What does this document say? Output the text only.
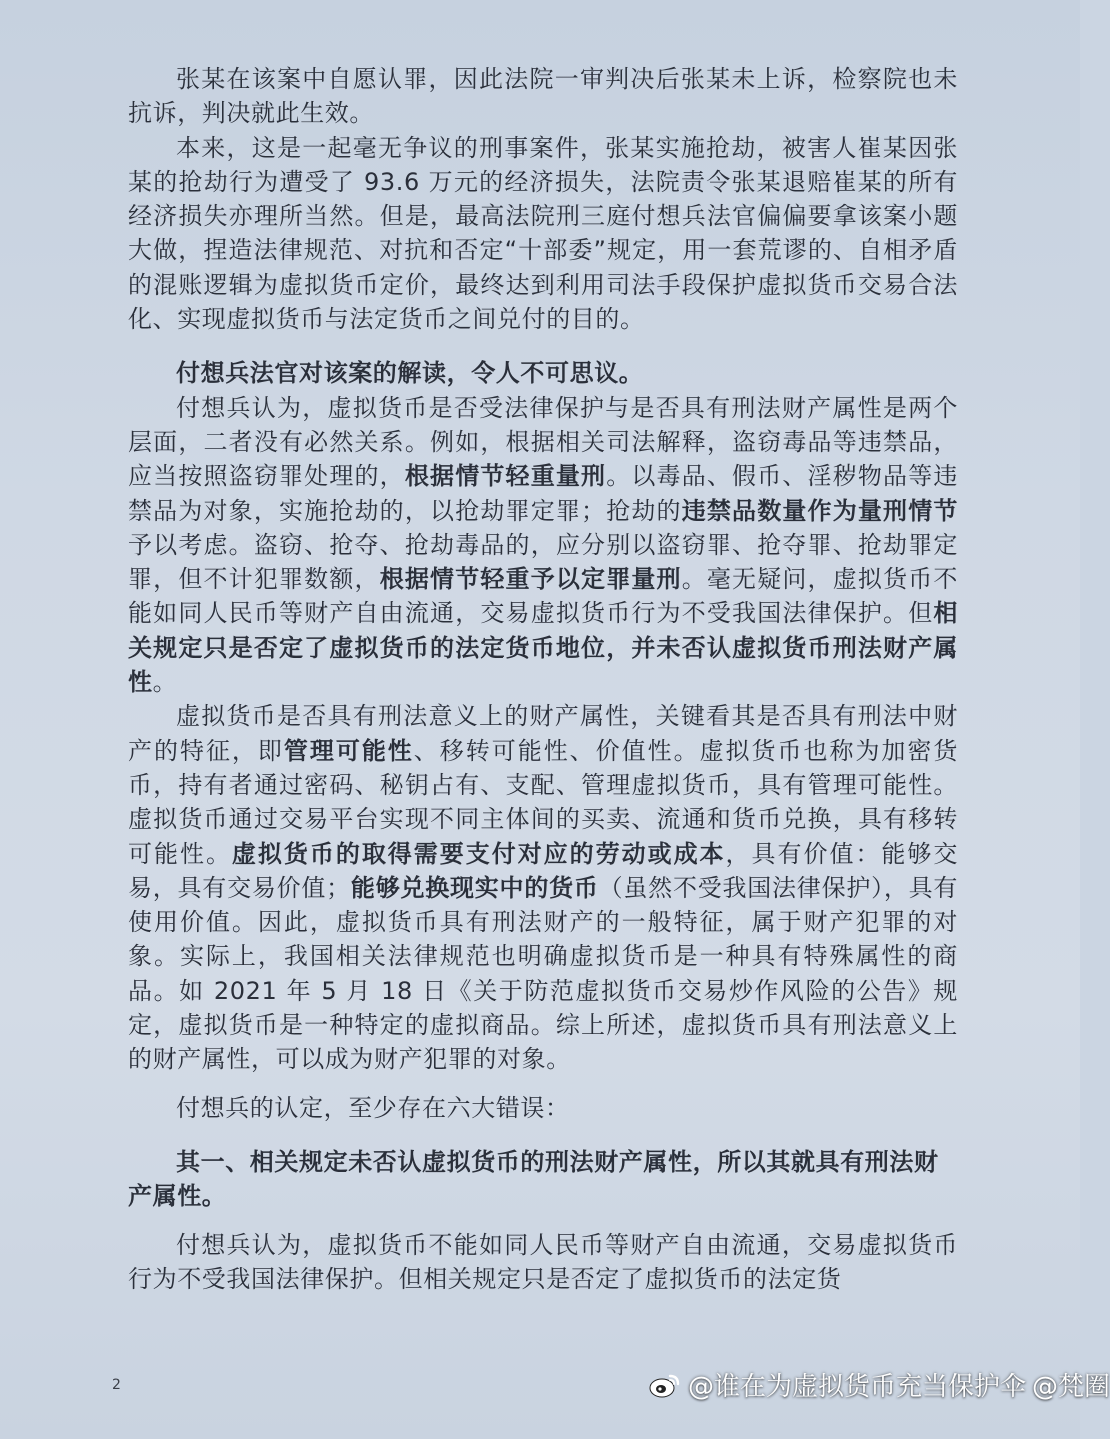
张某在该案中自愿认罪，因此法院一审判决后张某未上诉，检察院也未抗诉，判决就此生效。

本来，这是一起毫无争议的刑事案件，张某实施抢劫，被害人崔某因张某的抢劫行为遭受了 93.6 万元的经济损失，法院责令张某退赔崔某的所有经济损失亦理所当然。但是，最高法院刑三庭付想兵法官偏偏要拿该案小题大做，捏造法律规范、对抗和否定“十部委”规定，用一套荒谬的、自相矛盾的混账逻辑为虚拟货币定价，最终达到利用司法手段保护虚拟货币交易合法化、实现虚拟货币与法定货币之间兑付的目的。

付想兵法官对该案的解读，令人不可思议。

付想兵认为，虚拟货币是否受法律保护与是否具有刑法财产属性是两个层面，二者没有必然关系。例如，根据相关司法解释，盗窃毒品等违禁品，应当按照盗窃罪处理的，根据情节轻重量刑。以毒品、假币、淫秽物品等违禁品为对象，实施抢劫的，以抢劫罪定罪；抢劫的违禁品数量作为量刑情节予以考虑。盗窃、抢夺、抢劫毒品的，应分别以盗窃罪、抢夺罪、抢劫罪定罪，但不计犯罪数额，根据情节轻重予以定罪量刑。毫无疑问，虚拟货币不能如同人民币等财产自由流通，交易虚拟货币行为不受我国法律保护。但相关规定只是否定了虚拟货币的法定货币地位，并未否认虚拟货币刑法财产属性。

虚拟货币是否具有刑法意义上的财产属性，关键看其是否具有刑法中财产的特征，即管理可能性、移转可能性、价值性。虚拟货币也称为加密货币，持有者通过密码、秘钥占有、支配、管理虚拟货币，具有管理可能性。虚拟货币通过交易平台实现不同主体间的买卖、流通和货币兑换，具有移转可能性。虚拟货币的取得需要支付对应的劳动或成本，具有价值：能够交易，具有交易价值；能够兑换现实中的货币（虽然不受我国法律保护），具有使用价值。因此，虚拟货币具有刑法财产的一般特征，属于财产犯罪的对象。实际上，我国相关法律规范也明确虚拟货币是一种具有特殊属性的商品。如 2021 年 5 月 18 日《关于防范虚拟货币交易炒作风险的公告》规定，虚拟货币是一种特定的虚拟商品。综上所述，虚拟货币具有刑法意义上的财产属性，可以成为财产犯罪的对象。

付想兵的认定，至少存在六大错误：

其一、相关规定未否认虚拟货币的刑法财产属性，所以其就具有刑法财产属性。

付想兵认为，虚拟货币不能如同人民币等财产自由流通，交易虚拟货币行为不受我国法律保护。但相关规定只是否定了虚拟货币的法定货

2	@谁在为虚拟货币充当保护伞 @梵圈
